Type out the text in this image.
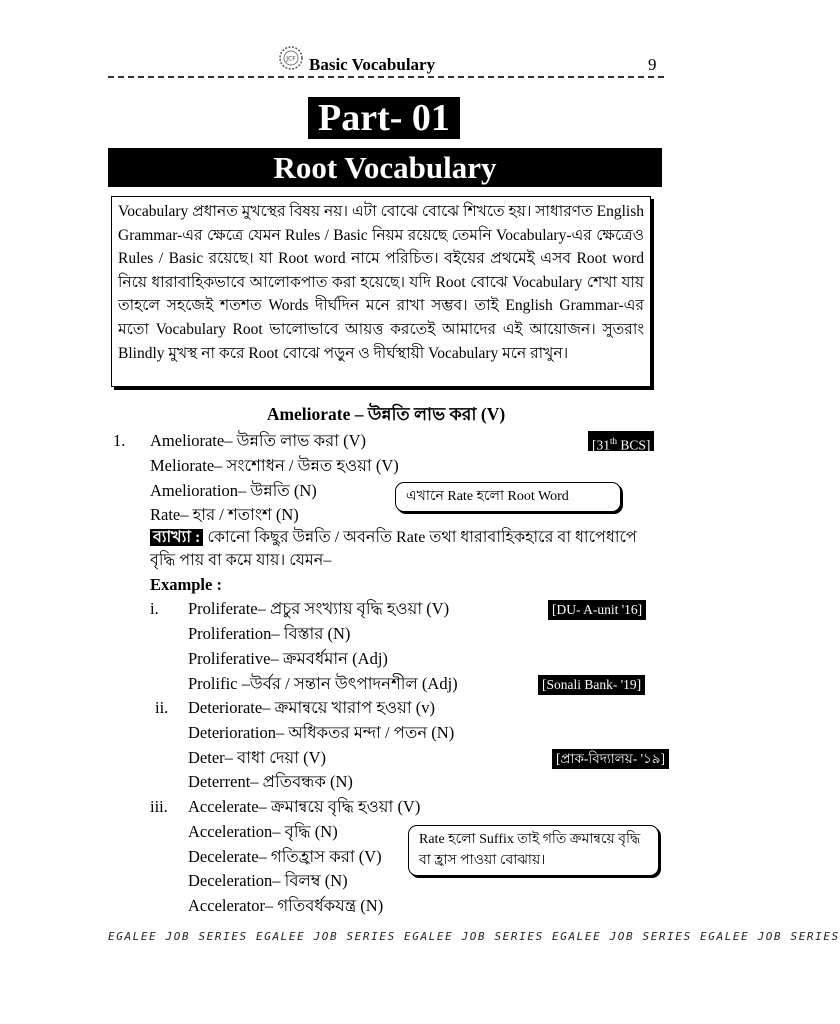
JCF Basic Vocabulary	9
Part- 01
Root Vocabulary

Vocabulary প্রধানত মুখস্থের বিষয় নয়। এটা বোঝে বোঝে শিখতে হয়। সাধারণত English Grammar-এর ক্ষেত্রে যেমন Rules / Basic নিয়ম রয়েছে তেমনি Vocabulary-এর ক্ষেত্রেও Rules / Basic রয়েছে। যা Root word নামে পরিচিত। বইয়ের প্রথমেই এসব Root word নিয়ে ধারাবাহিকভাবে আলোকপাত করা হয়েছে। যদি Root বোঝে Vocabulary শেখা যায় তাহলে সহজেই শতশত Words দীর্ঘদিন মনে রাখা সম্ভব। তাই English Grammar-এর মতো Vocabulary Root ভালোভাবে আয়ত্ত করতেই আমাদের এই আয়োজন। সুতরাং Blindly মুখস্থ না করে Root বোঝে পড়ুন ও দীর্ঘস্থায়ী Vocabulary মনে রাখুন।

Ameliorate – উন্নতি লাভ করা (V)
1. Ameliorate– উন্নতি লাভ করা (V)
Meliorate– সংশোধন / উন্নত হওয়া (V)
Amelioration– উন্নতি (N)
Rate– হার / শতাংশ (N)
[31th BCS]
এখানে Rate হলো Root Word
ব্যাখ্যা : কোনো কিছুর উন্নতি / অবনতি Rate তথা ধারাবাহিকহারে বা ধাপেধাপে বৃদ্ধি পায় বা কমে যায়। যেমন–
Example :
i. Proliferate– প্রচুর সংখ্যায় বৃদ্ধি হওয়া (V)
Proliferation– বিস্তার (N)
Proliferative– ক্রমবর্ধমান (Adj)
Prolific –উর্বর / সন্তান উৎপাদনশীল (Adj)
[DU- A-unit '16]
[Sonali Bank- '19]
ii. Deteriorate– ক্রমান্বয়ে খারাপ হওয়া (v)
Deterioration– অধিকতর মন্দা / পতন (N)
Deter– বাধা দেয়া (V)
Deterrent– প্রতিবন্ধক (N)
[প্রাক-বিদ্যালয়- '১৯]
iii. Accelerate– ক্রমান্বয়ে বৃদ্ধি হওয়া (V)
Acceleration– বৃদ্ধি (N)
Decelerate– গতিহ্রাস করা (V)
Deceleration– বিলম্ব (N)
Accelerator– গতিবর্ধকযন্ত্র (N)
Rate হলো Suffix তাই গতি ক্রমান্বয়ে বৃদ্ধি বা হ্রাস পাওয়া বোঝায়।
EGALEE JOB SERIES EGALEE JOB SERIES EGALEE JOB SERIES EGALEE JOB SERIES EGALEE JOB SERIES
